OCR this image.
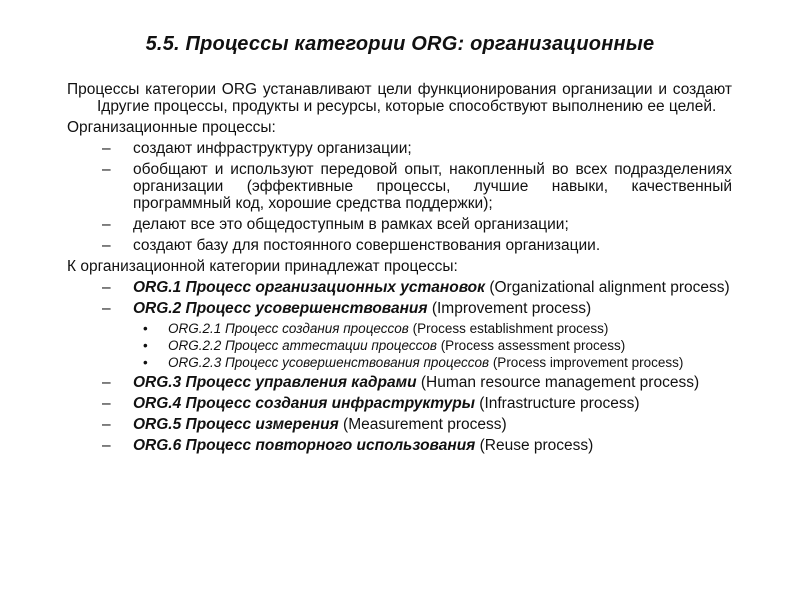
5.5. Процессы категории ORG: организационные

Процессы категории ORG устанавливают цели функционирования организации и создают Ідругие процессы, продукты и ресурсы, которые способствуют выполнению ее целей.

Организационные процессы:

– создают инфраструктуру организации;
– обобщают и используют передовой опыт, накопленный во всех подразделениях организации (эффективные процессы, лучшие навыки, качественный программный код, хорошие средства поддержки);
– делают все это общедоступным в рамках всей организации;
– создают базу для постоянного совершенствования организации.

К организационной категории принадлежат процессы:

– ORG.1 Процесс организационных установок (Organizational alignment process)
– ORG.2 Процесс усовершенствования (Improvement process)
• ORG.2.1 Процесс создания процессов (Process establishment process)
• ORG.2.2 Процесс аттестации процессов (Process assessment process)
• ORG.2.3 Процесс усовершенствования процессов (Process improvement process)
– ORG.3 Процесс управления кадрами (Human resource management process)
– ORG.4 Процесс создания инфраструктуры (Infrastructure process)
– ORG.5 Процесс измерения (Measurement process)
– ORG.6 Процесс повторного использования (Reuse process)
